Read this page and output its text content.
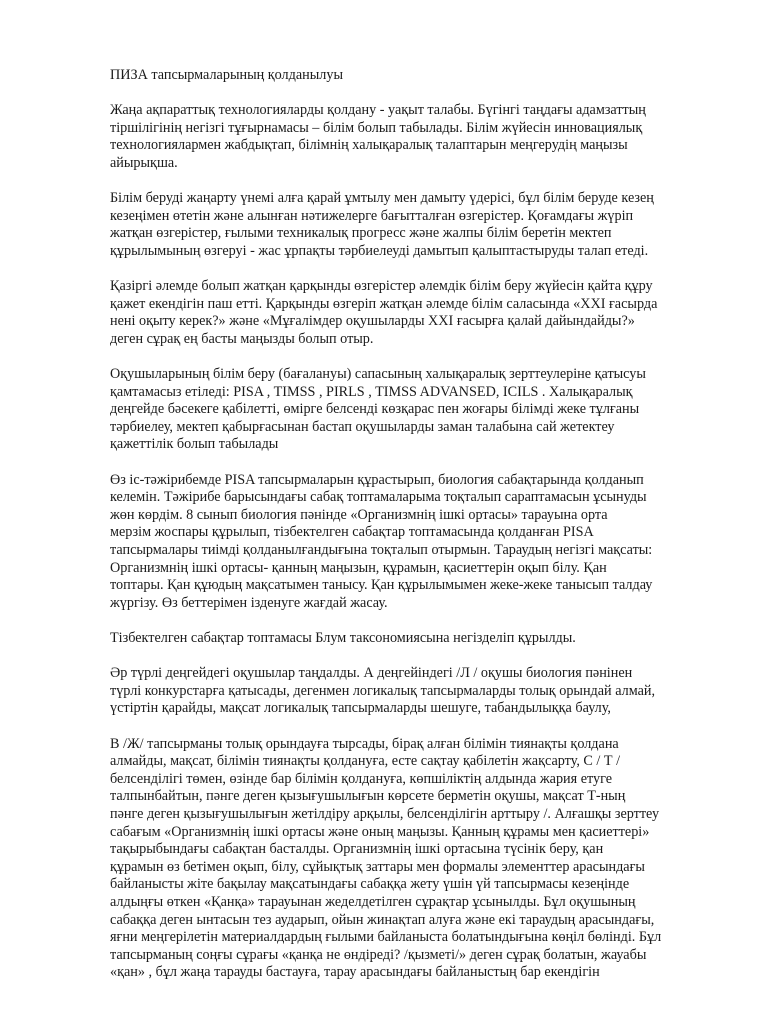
ПИЗА тапсырмаларының қолданылуы
Жаңа ақпараттық технологияларды қолдану - уақыт талабы. Бүгінгі таңдағы адамзаттың
тіршілігінің негізгі тұғырнамасы – білім болып табылады. Білім жүйесін инновациялық
технологиялармен жабдықтап, білімнің халықаралық талаптарын меңгерудің маңызы
айырықша.
Білім беруді жаңарту үнемі алға қарай ұмтылу мен дамыту үдерісі, бұл білім беруде кезең
кезеңімен өтетін және алынған нәтижелерге бағытталған өзгерістер. Қоғамдағы жүріп
жатқан өзгерістер, ғылыми техникалық прогресс және жалпы білім беретін мектеп
құрылымының өзгеруі - жас ұрпақты тәрбиелеуді дамытып қалыптастыруды талап етеді.
Қазіргі әлемде болып жатқан қарқынды өзгерістер әлемдік білім беру жүйесін қайта құру
қажет екендігін паш етті. Қарқынды өзгеріп жатқан әлемде білім саласында «XXI ғасырда
нені оқыту керек?» және «Мұғалімдер оқушыларды XXI ғасырға қалай дайындайды?»
деген сұрақ ең басты маңызды болып отыр.
Оқушыларының білім беру (бағалануы) сапасының халықаралық зерттеулеріне қатысуы
қамтамасыз етіледі: PISA , TIMSS , PIRLS , TIMSS ADVANSED, ICILS . Халықаралық
деңгейде бәсекеге қабілетті, өмірге белсенді көзқарас пен жоғары білімді жеке тұлғаны
тәрбиелеу, мектеп қабырғасынан бастап оқушыларды заман талабына сай жетектеу
қажеттілік болып табылады
Өз іс-тәжірибемде PISA тапсырмаларын құрастырып, биология сабақтарында қолданып
келемін. Тәжірибе барысындағы сабақ топтамаларыма тоқталып сараптамасын ұсынуды
жөн көрдім. 8 сынып биология пәнінде «Организмнің ішкі ортасы» тарауына орта
мерзім жоспары құрылып, тізбектелген сабақтар топтамасында қолданған PISA
тапсырмалары тиімді қолданылғандығына тоқталып отырмын. Тараудың негізгі мақсаты:
Организмнің ішкі ортасы- қанның маңызын, құрамын, қасиеттерін оқып білу. Қан
топтары. Қан құюдың мақсатымен танысу. Қан құрылымымен жеке-жеке танысып талдау
жүргізу. Өз беттерімен ізденуге жағдай жасау.
Тізбектелген сабақтар топтамасы Блум таксономиясына негізделіп құрылды.
Әр түрлі деңгейдегі оқушылар таңдалды. А деңгейіндегі /Л / оқушы биология пәнінен
түрлі конкурстарға қатысады, дегенмен логикалық тапсырмаларды толық орындай алмай,
үстіртін қарайды, мақсат логикалық тапсырмаларды шешуге, табандылыққа баулу,
В /Ж/ тапсырманы толық орындауға тырсады, бірақ алған білімін тиянақты қолдана
алмайды, мақсат, білімін тиянақты қолдануға, есте сақтау қабілетін жақсарту, С / Т /
белсенділігі төмен, өзінде бар білімін қолдануға, көпшіліктің алдында жария етуге
талпынбайтын, пәнге деген қызығушылығын көрсете берметін оқушы, мақсат Т-ның
пәнге деген қызығушылығын жетілдіру арқылы, белсенділігін арттыру /. Алғашқы зерттеу
сабағым «Организмнің ішкі ортасы және оның маңызы. Қанның құрамы мен қасиеттері»
тақырыбындағы сабақтан басталды. Организмнің ішкі ортасына түсінік беру, қан
құрамын өз бетімен оқып, білу, сұйықтық заттары мен формалы элементтер арасындағы
байланысты жіте бақылау мақсатындағы сабаққа жету үшін үй тапсырмасы кезеңінде
алдыңғы өткен «Қанқа» тарауынан жеделдетілген сұрақтар ұсынылды. Бұл оқушының
сабаққа деген ынтасын тез аударып, ойын жинақтап алуға және екі тараудың арасындағы,
яғни меңгерілетін материалдардың ғылыми байланыста болатындығына көңіл бөлінді. Бұл
тапсырманың соңғы сұрағы «қанқа не өндіреді? /қызметі/» деген сұрақ болатын, жауабы
«қан» , бұл жаңа тарауды бастауға, тарау арасындағы байланыстың бар екендігін
